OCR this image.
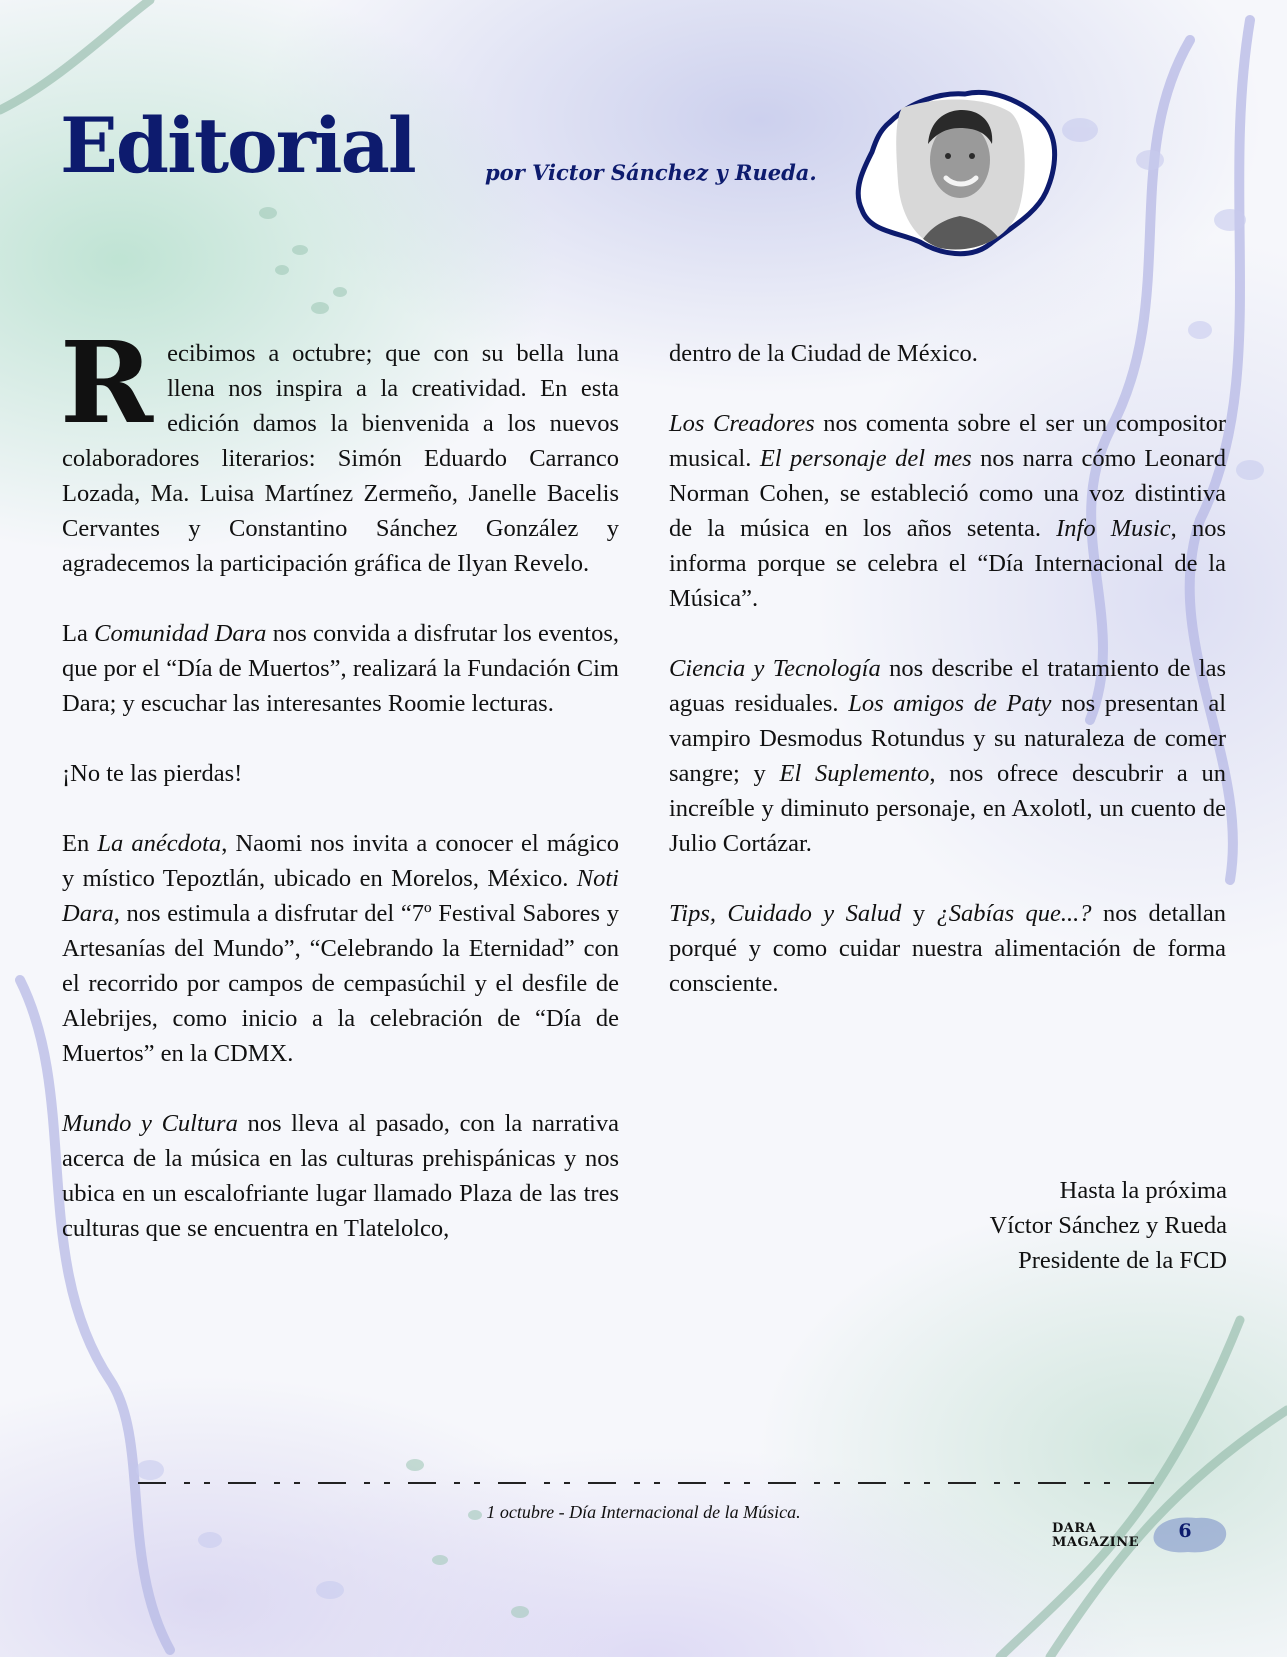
Editorial	por Victor Sánchez y Rueda.

Recibimos a octubre; que con su bella luna llena nos inspira a la creatividad. En esta edición damos la bienvenida a los nuevos colaboradores literarios: Simón Eduardo Carranco Lozada, Ma. Luisa Martínez Zermeño, Janelle Bacelis Cervantes y Constantino Sánchez González y agradecemos la participación gráfica de Ilyan Revelo.

La Comunidad Dara nos convida a disfrutar los eventos, que por el “Día de Muertos”, realizará la Fundación Cim Dara; y escuchar las interesantes Roomie lecturas.

¡No te las pierdas!

En La anécdota, Naomi nos invita a conocer el mágico y místico Tepoztlán, ubicado en Morelos, México. Noti Dara, nos estimula a disfrutar del “7º Festival Sabores y Artesanías del Mundo”, “Celebrando la Eternidad” con el recorrido por campos de cempasúchil y el desfile de Alebrijes, como inicio a la celebración de “Día de Muertos” en la CDMX.

Mundo y Cultura nos lleva al pasado, con la narrativa acerca de la música en las culturas prehispánicas y nos ubica en un escalofriante lugar llamado Plaza de las tres culturas que se encuentra en Tlatelolco,

dentro de la Ciudad de México.

Los Creadores nos comenta sobre el ser un compositor musical. El personaje del mes nos narra cómo Leonard Norman Cohen, se estableció como una voz distintiva de la música en los años setenta. Info Music, nos informa porque se celebra el “Día Internacional de la Música”.

Ciencia y Tecnología nos describe el tratamiento de las aguas residuales. Los amigos de Paty nos presentan al vampiro Desmodus Rotundus y su naturaleza de comer sangre; y El Suplemento, nos ofrece descubrir a un increíble y diminuto personaje, en Axolotl, un cuento de Julio Cortázar.

Tips, Cuidado y Salud y ¿Sabías que...? nos detallan porqué y como cuidar nuestra alimentación de forma consciente.

Hasta la próxima
Víctor Sánchez y Rueda
Presidente de la FCD
1 octubre - Día Internacional de la Música.
DARA
MAGAZINE
6
